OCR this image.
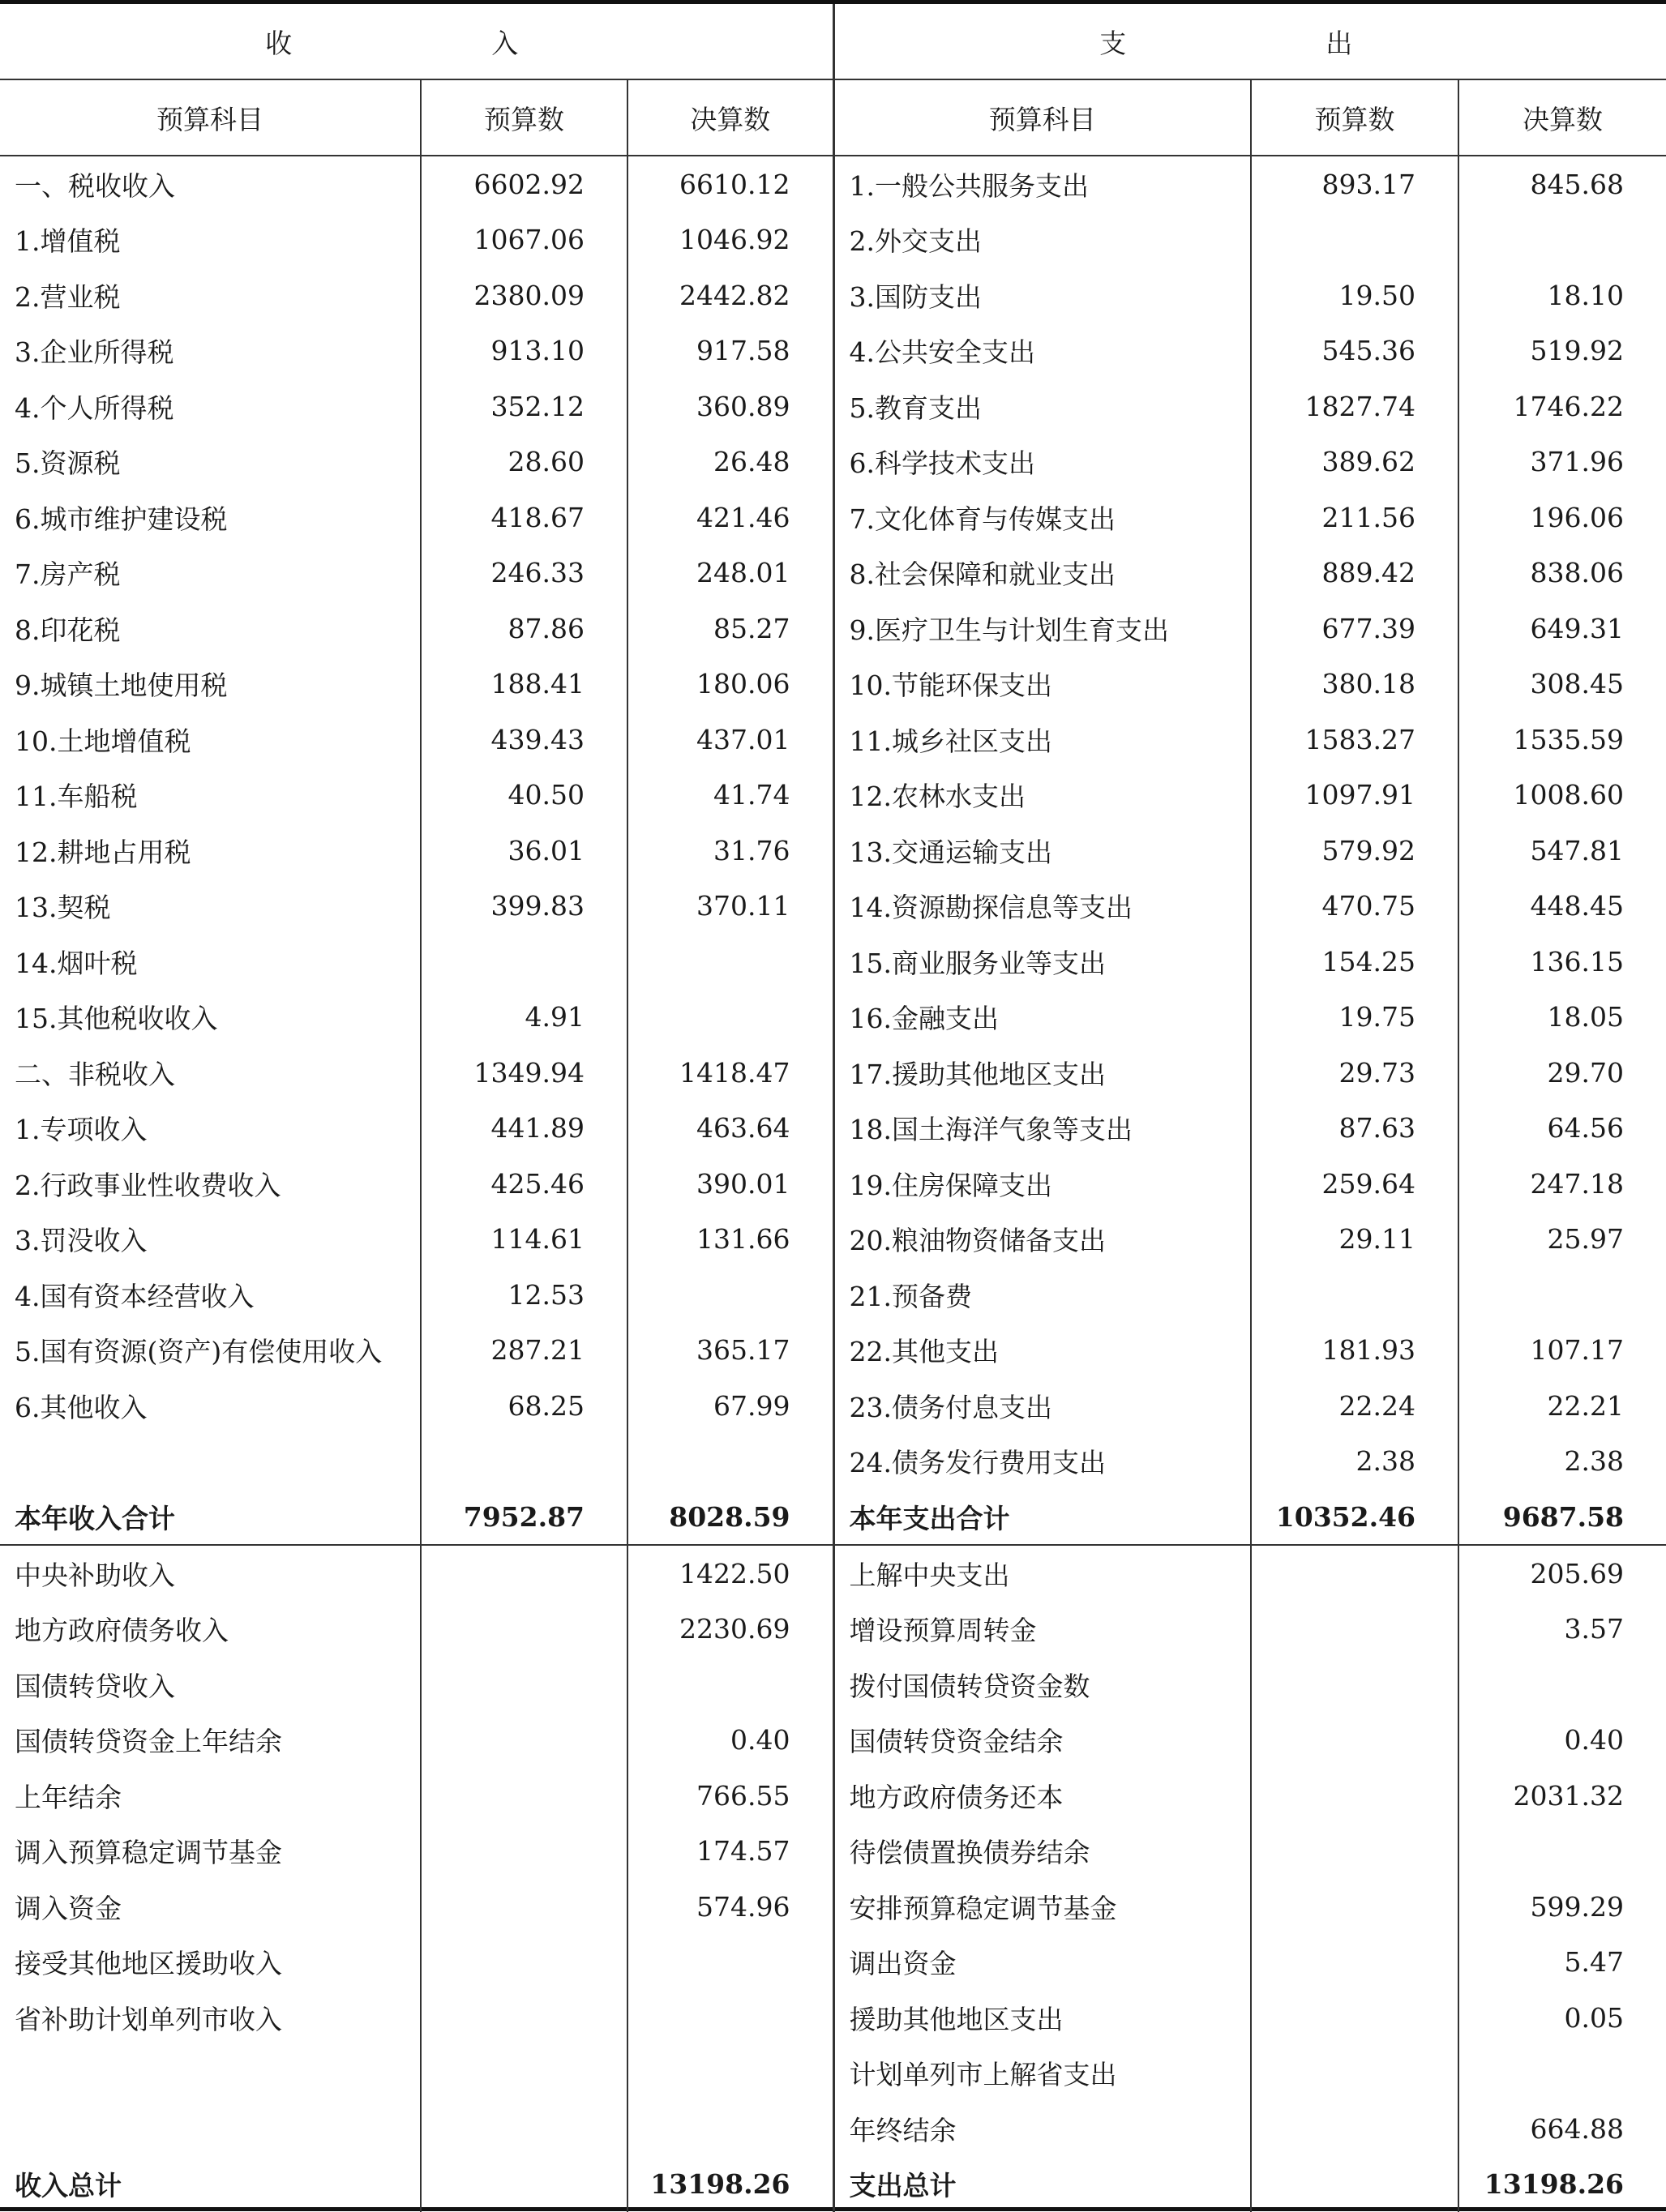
收　　入			支　　出		
预算科目	预算数	决算数	预算科目	预算数	决算数
一、税收收入	6602.92	6610.12	1.一般公共服务支出	893.17	845.68
1.增值税	1067.06	1046.92	2.外交支出		
2.营业税	2380.09	2442.82	3.国防支出	19.50	18.10
3.企业所得税	913.10	917.58	4.公共安全支出	545.36	519.92
4.个人所得税	352.12	360.89	5.教育支出	1827.74	1746.22
5.资源税	28.60	26.48	6.科学技术支出	389.62	371.96
6.城市维护建设税	418.67	421.46	7.文化体育与传媒支出	211.56	196.06
7.房产税	246.33	248.01	8.社会保障和就业支出	889.42	838.06
8.印花税	87.86	85.27	9.医疗卫生与计划生育支出	677.39	649.31
9.城镇土地使用税	188.41	180.06	10.节能环保支出	380.18	308.45
10.土地增值税	439.43	437.01	11.城乡社区支出	1583.27	1535.59
11.车船税	40.50	41.74	12.农林水支出	1097.91	1008.60
12.耕地占用税	36.01	31.76	13.交通运输支出	579.92	547.81
13.契税	399.83	370.11	14.资源勘探信息等支出	470.75	448.45
14.烟叶税			15.商业服务业等支出	154.25	136.15
15.其他税收收入	4.91		16.金融支出	19.75	18.05
二、非税收入	1349.94	1418.47	17.援助其他地区支出	29.73	29.70
1.专项收入	441.89	463.64	18.国土海洋气象等支出	87.63	64.56
2.行政事业性收费收入	425.46	390.01	19.住房保障支出	259.64	247.18
3.罚没收入	114.61	131.66	20.粮油物资储备支出	29.11	25.97
4.国有资本经营收入	12.53		21.预备费		
5.国有资源(资产)有偿使用收入	287.21	365.17	22.其他支出	181.93	107.17
6.其他收入	68.25	67.99	23.债务付息支出	22.24	22.21
			24.债务发行费用支出	2.38	2.38
本年收入合计	7952.87	8028.59	本年支出合计	10352.46	9687.58
中央补助收入		1422.50	上解中央支出		205.69
地方政府债务收入		2230.69	增设预算周转金		3.57
国债转贷收入			拨付国债转贷资金数		
国债转贷资金上年结余		0.40	国债转贷资金结余		0.40
上年结余		766.55	地方政府债务还本		2031.32
调入预算稳定调节基金		174.57	待偿债置换债券结余		
调入资金		574.96	安排预算稳定调节基金		599.29
接受其他地区援助收入			调出资金		5.47
省补助计划单列市收入			援助其他地区支出		0.05
			计划单列市上解省支出		
			年终结余		664.88
收入总计		13198.26	支出总计		13198.26
